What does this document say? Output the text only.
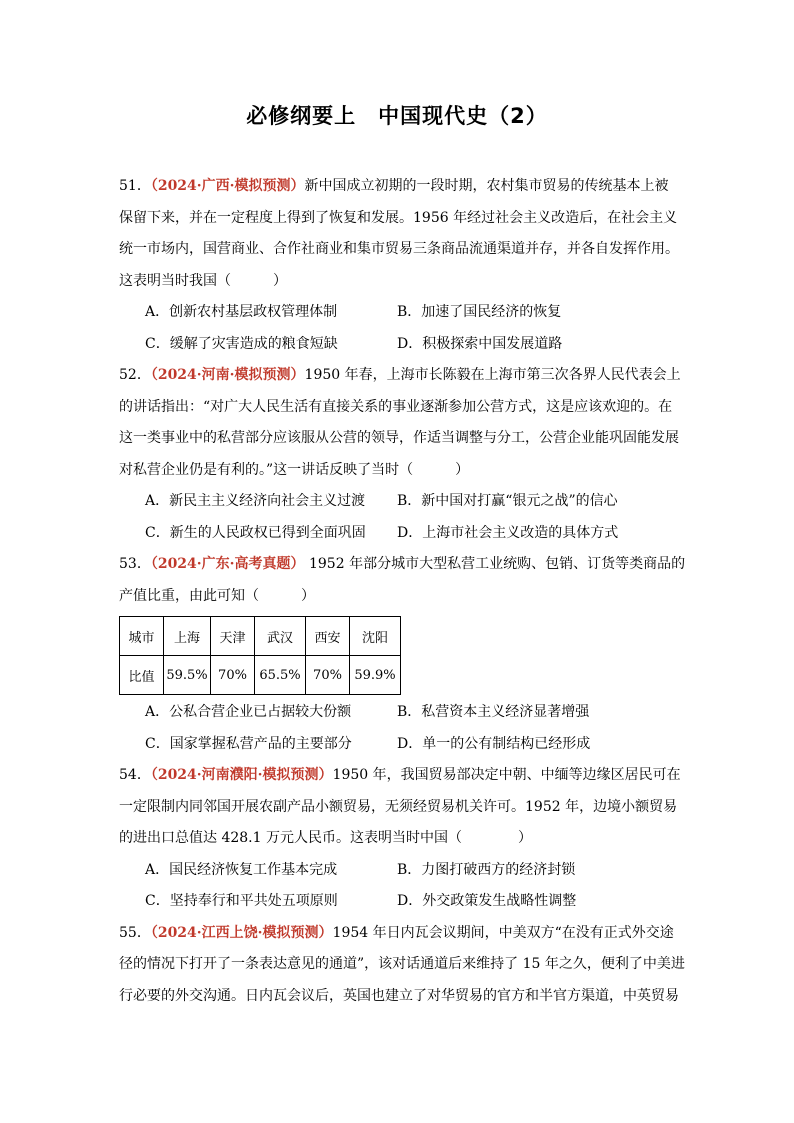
必修纲要上　中国现代史（2）
51．（2024·广西·模拟预测）新中国成立初期的一段时期，农村集市贸易的传统基本上被
保留下来，并在一定程度上得到了恢复和发展。1956 年经过社会主义改造后，在社会主义
统一市场内，国营商业、合作社商业和集市贸易三条商品流通渠道并存，并各自发挥作用。
这表明当时我国（　　　）
A．创新农村基层政权管理体制	B．加速了国民经济的恢复
C．缓解了灾害造成的粮食短缺	D．积极探索中国发展道路
52．（2024·河南·模拟预测）1950 年春，上海市长陈毅在上海市第三次各界人民代表会上
的讲话指出：“对广大人民生活有直接关系的事业逐渐参加公营方式，这是应该欢迎的。在
这一类事业中的私营部分应该服从公营的领导，作适当调整与分工，公营企业能巩固能发展
对私营企业仍是有利的。”这一讲话反映了当时（　　　）
A．新民主主义经济向社会主义过渡	B．新中国对打赢“银元之战”的信心
C．新生的人民政权已得到全面巩固	D．上海市社会主义改造的具体方式
53．（2024·广东·高考真题） 1952 年部分城市大型私营工业统购、包销、订货等类商品的
产值比重，由此可知（　　　）
城市	上海	天津	武汉	西安	沈阳
比值	59.5%	70%	65.5%	70%	59.9%
A．公私合营企业已占据较大份额	B．私营资本主义经济显著增强
C．国家掌握私营产品的主要部分	D．单一的公有制结构已经形成
54．（2024·河南濮阳·模拟预测）1950 年，我国贸易部决定中朝、中缅等边缘区居民可在
一定限制内同邻国开展农副产品小额贸易，无须经贸易机关许可。1952 年，边境小额贸易
的进出口总值达 428.1 万元人民币。这表明当时中国（　　　　）
A．国民经济恢复工作基本完成	B．力图打破西方的经济封锁
C．坚持奉行和平共处五项原则	D．外交政策发生战略性调整
55．（2024·江西上饶·模拟预测）1954 年日内瓦会议期间，中美双方“在没有正式外交途
径的情况下打开了一条表达意见的通道”，该对话通道后来维持了 15 年之久，便利了中美进
行必要的外交沟通。日内瓦会议后，英国也建立了对华贸易的官方和半官方渠道，中英贸易
